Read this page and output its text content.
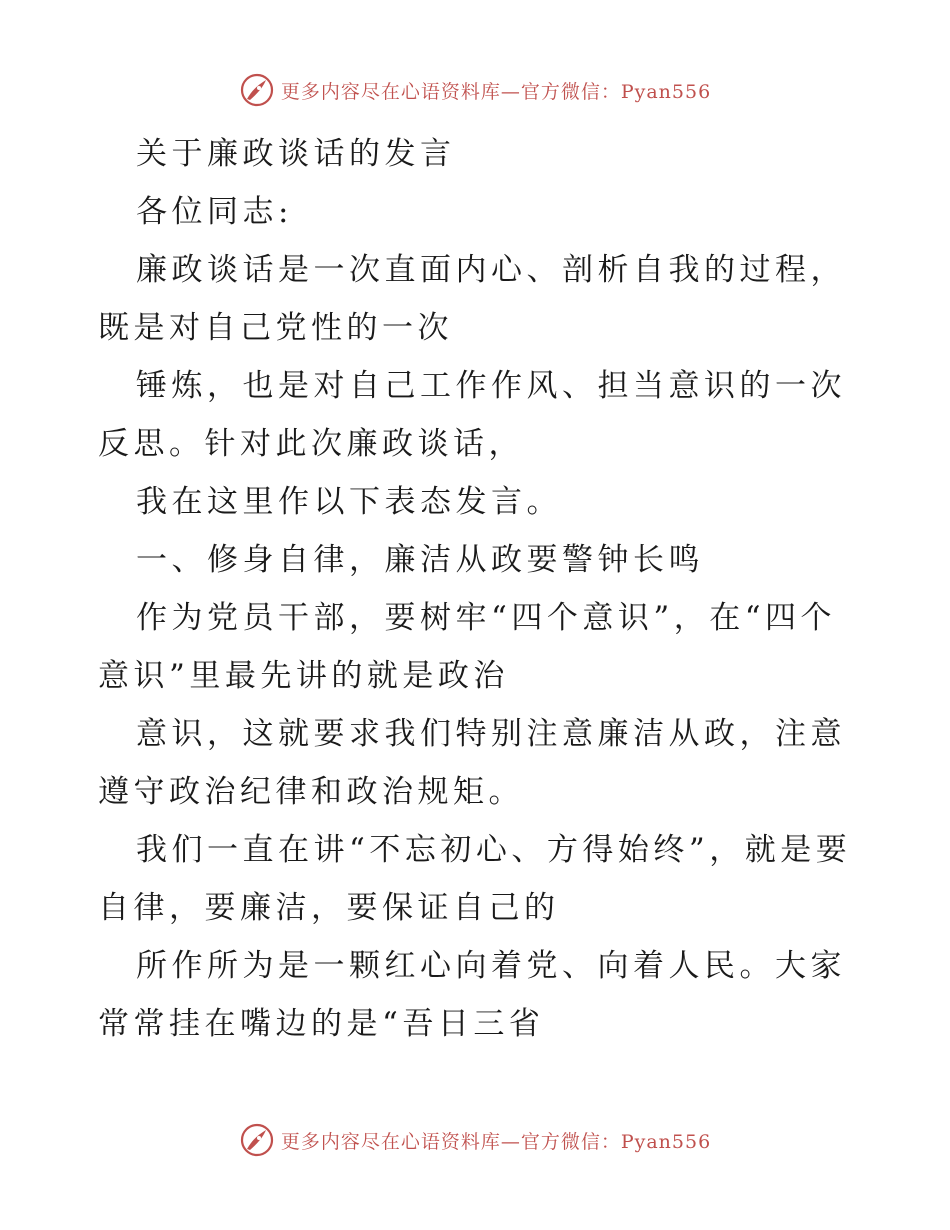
更多内容尽在心语资料库—官方微信：Pyan556

关于廉政谈话的发言

各位同志:

廉政谈话是一次直面内心、剖析自我的过程，既是对自己党性的一次

锤炼，也是对自己工作作风、担当意识的一次反思。针对此次廉政谈话，

我在这里作以下表态发言。

一、修身自律，廉洁从政要警钟长鸣

作为党员干部，要树牢“四个意识”，在“四个意识”里最先讲的就是政治

意识，这就要求我们特别注意廉洁从政，注意遵守政治纪律和政治规矩。

我们一直在讲“不忘初心、方得始终”，就是要自律，要廉洁，要保证自己的

所作所为是一颗红心向着党、向着人民。大家常常挂在嘴边的是“吾日三省

更多内容尽在心语资料库—官方微信：Pyan556
